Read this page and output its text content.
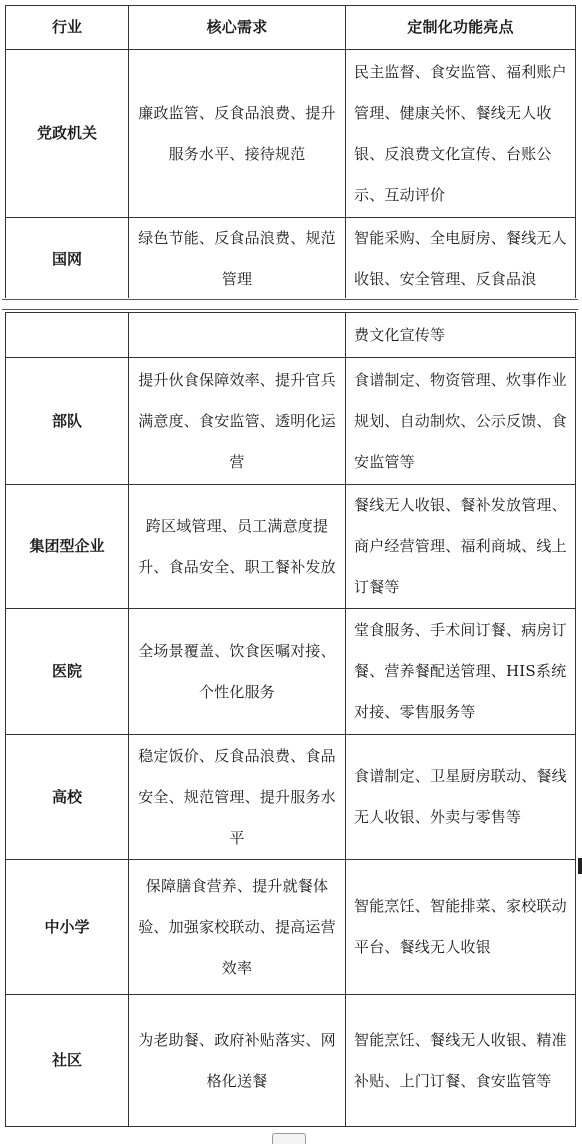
行业	核心需求	定制化功能亮点
党政机关	廉政监管、反食品浪费、提升服务水平、接待规范	民主监督、食安监管、福利账户管理、健康关怀、餐线无人收银、反浪费文化宣传、台账公示、互动评价

国网	绿色节能、反食品浪费、规范管理	智能采购、全电厨房、餐线无人收银、安全管理、反食品浪

		费文化宣传等

部队	提升伙食保障效率、提升官兵满意度、食安监管、透明化运营	食谱制定、物资管理、炊事作业规划、自动制炊、公示反馈、食安监管等

集团型企业	跨区域管理、员工满意度提升、食品安全、职工餐补发放	餐线无人收银、餐补发放管理、商户经营管理、福利商城、线上订餐等

医院	全场景覆盖、饮食医嘱对接、个性化服务	堂食服务、手术间订餐、病房订餐、营养餐配送管理、HIS系统对接、零售服务等

高校	稳定饭价、反食品浪费、食品安全、规范管理、提升服务水平	食谱制定、卫星厨房联动、餐线无人收银、外卖与零售等

中小学	保障膳食营养、提升就餐体验、加强家校联动、提高运营效率	智能烹饪、智能排菜、家校联动平台、餐线无人收银

社区	为老助餐、政府补贴落实、网格化送餐	智能烹饪、餐线无人收银、精准补贴、上门订餐、食安监管等
